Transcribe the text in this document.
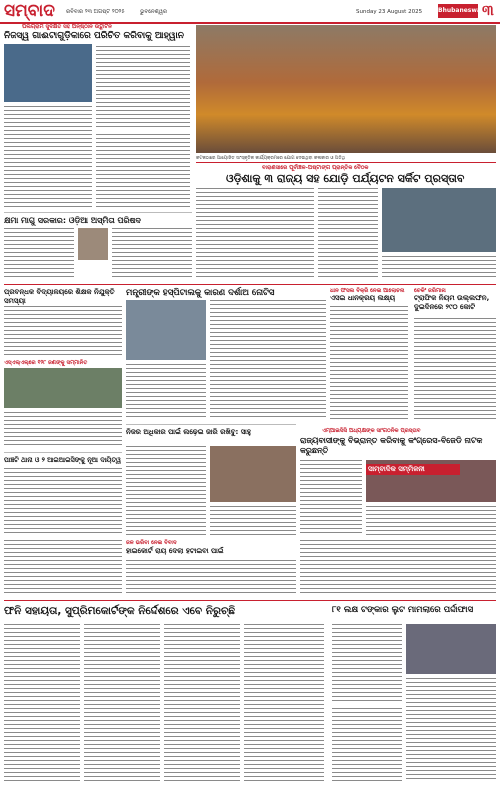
ସମ୍ବାଦ ରବିବାର ୨୩ ଅଗଷ୍ଟ ୨୦୨୫	ଭୁବନେଶ୍ୱର	Sunday 23 August 2025	Bhubaneswar
୩
ପିଲିଗ୍ରାମ ସୁଦିକ୍ଷିତ ସହ ଅନ୍ଷ୍ଠାନ ଉଦ୍ଘାଟନ
ନିଜସ୍ୱ ଗାଈଟାଗୁଡ଼ିକାରେ ପରିଚିତ କରିବାକୁ ଆହ୍ୱାନ
କଟକଠାରେ ଆୟୋଜିତ ସାଂସ୍କୃତିକ କାର୍ଯ୍ୟକ୍ରମରେ ଯୋଗ ଦେଇଥିବା କଳାକାର ଓ ଅତିଥି
ବାରାଣସୀରେ ପୂର୍ବାଞ୍ଚଳ-ଅଷ୍ଟାଙ୍ଗ ପ୍ରାନ୍ତିକ ବୈଠକ
ଓଡ଼ିଶାକୁ ୩ ରାଜ୍ୟ ସହ ଯୋଡ଼ି ପର୍ଯ୍ୟଟନ ସର୍କିଟ ପ୍ରସ୍ତାବ
କ୍ଷମା ମାଗୁ ସରକାର: ଓଡ଼ିଆ ଅସ୍ମିତା ପରିଷଦ
ପ୍ରବନ୍ଧକ ବିଦ୍ୟାଳୟରେ ଶିକ୍ଷକ ନିଯୁକ୍ତି ସମସ୍ୟା
ଏସ୍ଏଲ୍ଏଲ୍‌ରେ ୧୨୮ ଜଣଙ୍କୁ ସମ୍ମାନିତ
ମନ୍ତ୍ରୀଙ୍କ ହସ୍ପିଟାଲକୁ କାରଣ ଦର୍ଶାଅ ନୋଟିସ	ଧାନ ଫସଲ ବିକ୍ରି ନେଇ ଆଲୋଚନା
ଏସଇ ଧାନକ୍ରୟ ଲକ୍ଷ୍ୟ
ଚେକିଂ ଜରିମାନା
ଟ୍ରାଫିକ ନିୟମ ଉଲ୍ଲଙ୍ଘନ, ଦୁଇଦିନରେ ୨୯୦ କୋଟି
ନିଜର ଅଧିକାର ପାଇଁ ଲଢ଼େଇ ଜାରି ରଖିବୁ: ସାହୁ	ଏମ୍‌ଆଇସିସି ଅଧ୍ୟକ୍ଷଙ୍କ ସାଂଗଠନିକ ପ୍ରସ୍ତାବ
ରାଜ୍ୟବାସୀଙ୍କୁ ବିଭ୍ରାନ୍ତ କରିବାକୁ କଂଗ୍ରେସ-ବିଜେଡି ନାଟକ କରୁଛନ୍ତି
ସାମ୍ବାଦିକ ସମ୍ମିଳନୀ
ପାଞ୍ଚଟି ଥାନା ଓ ୨ ଆଇଆଇସିଙ୍କୁ ନୂଆ ଦାୟିତ୍ୱ
ଜଳ ଭରିବା ନେଇ ବିବାଦ
ହାଇକୋର୍ଟ ରାୟ ଦେଲା ହଟାଇବା ପାଇଁ
ଫନି ସହାୟତା, ସୁପ୍ରିମକୋର୍ଟଙ୍କ ନିର୍ଦ୍ଦେଶରେ ଏବେ ନିରୁଚ୍ଛି	୮୧ ଲକ୍ଷ ଟଙ୍କାର ଲୁଟ ମାମଲାରେ ପର୍ଦ୍ଦାଫାସ
